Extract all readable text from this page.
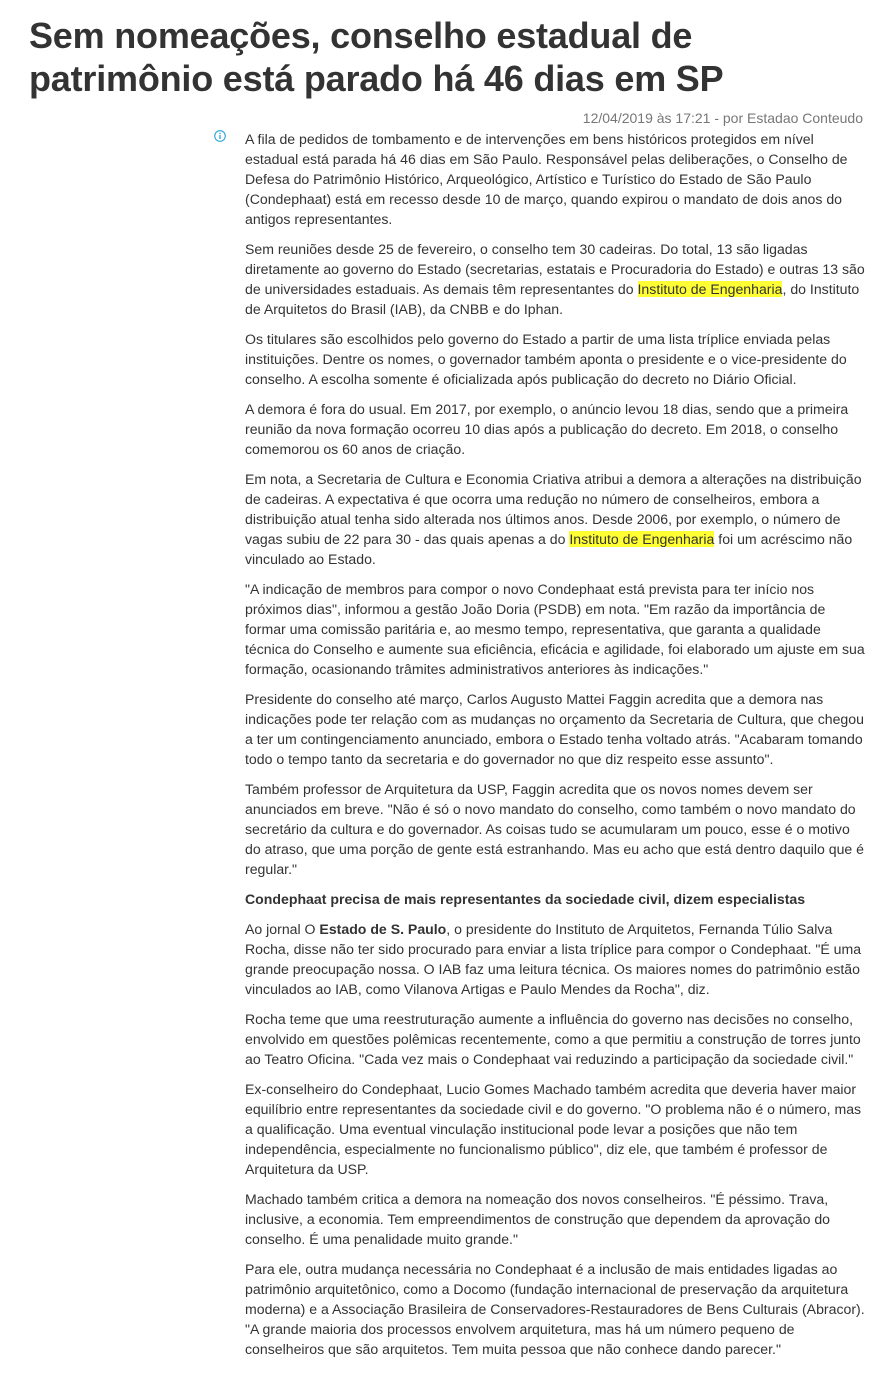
Sem nomeações, conselho estadual de patrimônio está parado há 46 dias em SP
12/04/2019 às 17:21 - por Estadao Conteudo

A fila de pedidos de tombamento e de intervenções em bens históricos protegidos em nível estadual está parada há 46 dias em São Paulo. Responsável pelas deliberações, o Conselho de Defesa do Patrimônio Histórico, Arqueológico, Artístico e Turístico do Estado de São Paulo (Condephaat) está em recesso desde 10 de março, quando expirou o mandato de dois anos do antigos representantes.

Sem reuniões desde 25 de fevereiro, o conselho tem 30 cadeiras. Do total, 13 são ligadas diretamente ao governo do Estado (secretarias, estatais e Procuradoria do Estado) e outras 13 são de universidades estaduais. As demais têm representantes do Instituto de Engenharia, do Instituto de Arquitetos do Brasil (IAB), da CNBB e do Iphan.

Os titulares são escolhidos pelo governo do Estado a partir de uma lista tríplice enviada pelas instituições. Dentre os nomes, o governador também aponta o presidente e o vice-presidente do conselho. A escolha somente é oficializada após publicação do decreto no Diário Oficial.

A demora é fora do usual. Em 2017, por exemplo, o anúncio levou 18 dias, sendo que a primeira reunião da nova formação ocorreu 10 dias após a publicação do decreto. Em 2018, o conselho comemorou os 60 anos de criação.

Em nota, a Secretaria de Cultura e Economia Criativa atribui a demora a alterações na distribuição de cadeiras. A expectativa é que ocorra uma redução no número de conselheiros, embora a distribuição atual tenha sido alterada nos últimos anos. Desde 2006, por exemplo, o número de vagas subiu de 22 para 30 - das quais apenas a do Instituto de Engenharia foi um acréscimo não vinculado ao Estado.

"A indicação de membros para compor o novo Condephaat está prevista para ter início nos próximos dias", informou a gestão João Doria (PSDB) em nota. "Em razão da importância de formar uma comissão paritária e, ao mesmo tempo, representativa, que garanta a qualidade técnica do Conselho e aumente sua eficiência, eficácia e agilidade, foi elaborado um ajuste em sua formação, ocasionando trâmites administrativos anteriores às indicações."

Presidente do conselho até março, Carlos Augusto Mattei Faggin acredita que a demora nas indicações pode ter relação com as mudanças no orçamento da Secretaria de Cultura, que chegou a ter um contingenciamento anunciado, embora o Estado tenha voltado atrás. "Acabaram tomando todo o tempo tanto da secretaria e do governador no que diz respeito esse assunto".

Também professor de Arquitetura da USP, Faggin acredita que os novos nomes devem ser anunciados em breve. "Não é só o novo mandato do conselho, como também o novo mandato do secretário da cultura e do governador. As coisas tudo se acumularam um pouco, esse é o motivo do atraso, que uma porção de gente está estranhando. Mas eu acho que está dentro daquilo que é regular."

Condephaat precisa de mais representantes da sociedade civil, dizem especialistas

Ao jornal O Estado de S. Paulo, o presidente do Instituto de Arquitetos, Fernanda Túlio Salva Rocha, disse não ter sido procurado para enviar a lista tríplice para compor o Condephaat. "É uma grande preocupação nossa. O IAB faz uma leitura técnica. Os maiores nomes do patrimônio estão vinculados ao IAB, como Vilanova Artigas e Paulo Mendes da Rocha", diz.

Rocha teme que uma reestruturação aumente a influência do governo nas decisões no conselho, envolvido em questões polêmicas recentemente, como a que permitiu a construção de torres junto ao Teatro Oficina. "Cada vez mais o Condephaat vai reduzindo a participação da sociedade civil."

Ex-conselheiro do Condephaat, Lucio Gomes Machado também acredita que deveria haver maior equilíbrio entre representantes da sociedade civil e do governo. "O problema não é o número, mas a qualificação. Uma eventual vinculação institucional pode levar a posições que não tem independência, especialmente no funcionalismo público", diz ele, que também é professor de Arquitetura da USP.

Machado também critica a demora na nomeação dos novos conselheiros. "É péssimo. Trava, inclusive, a economia. Tem empreendimentos de construção que dependem da aprovação do conselho. É uma penalidade muito grande."

Para ele, outra mudança necessária no Condephaat é a inclusão de mais entidades ligadas ao patrimônio arquitetônico, como a Docomo (fundação internacional de preservação da arquitetura moderna) e a Associação Brasileira de Conservadores-Restauradores de Bens Culturais (Abracor). "A grande maioria dos processos envolvem arquitetura, mas há um número pequeno de conselheiros que são arquitetos. Tem muita pessoa que não conhece dando parecer."
